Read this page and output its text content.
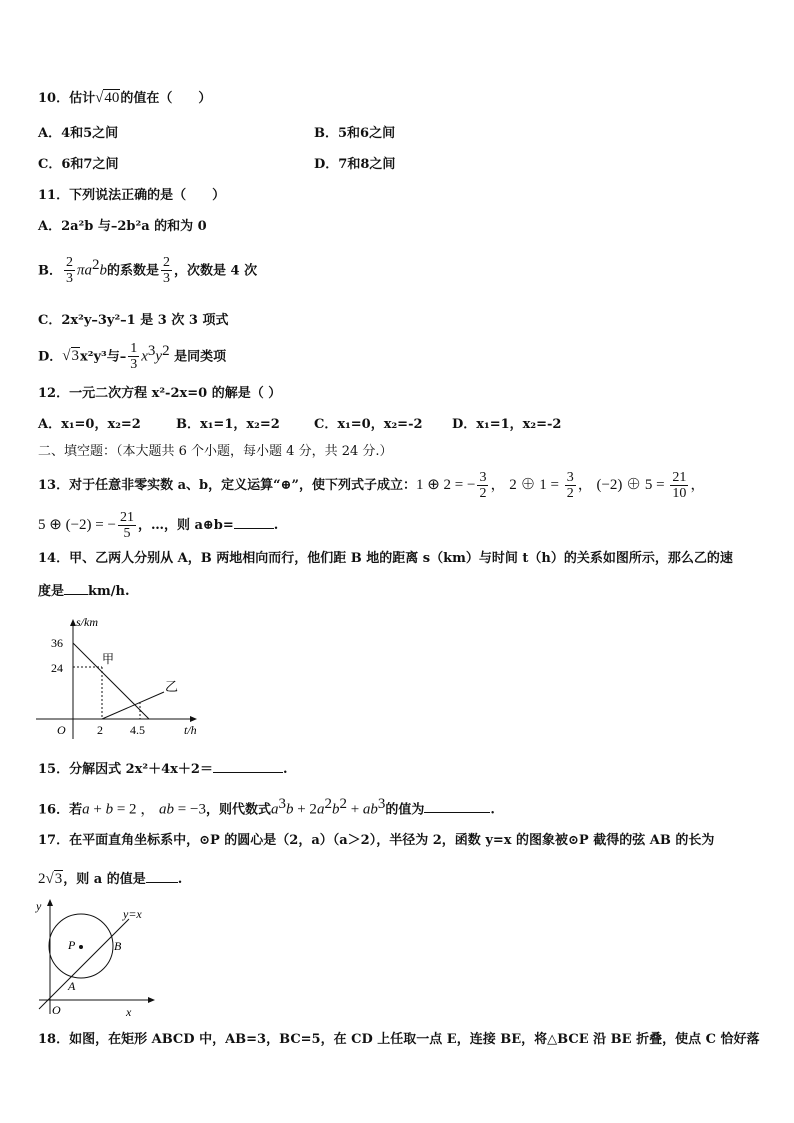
10．估计√40的值在（　　）
A．4和5之间	B．5和6之间
C．6和7之间	D．7和8之间
11．下列说法正确的是（　　）
A．2a²b 与–2b²a 的和为 0
B． $\frac{2}{3} \pi a^2b$的系数是 $\frac{2}{3}$ ，次数是 4 次
C．2x²y–3y²–1 是 3 次 3 项式
D．√3x²y³与– $\frac{1}{3} x^3y^2$ 是同类项
12．一元二次方程 x²-2x=0 的解是（ ）
A．x₁=0，x₂=2	B．x₁=1，x₂=2	C．x₁=0，x₂=-2 D．x₁=1，x₂=-2
二、填空题：（本大题共 6 个小题，每小题 4 分，共 24 分.）
13．对于任意非零实数 a、b，定义运算“⊕”，使下列式子成立：1 ⊕ 2 = − $\frac{3}{2}$ ， 2 ⊕ $1 = \frac{3}{2}$ ， (−2) ⊕ $5 = \frac{21}{10}$ ，
5 ⊕ (−2) = − $\frac{21}{5}$ ，…，则 a⊕b=	.
14．甲、乙两人分别从 A，B 两地相向而行，他们距 B 地的距离 s（km）与时间 t（h）的关系如图所示，那么乙的速
度是 km/h.
s/km
t/h
O
36
24
2 4.5
甲
乙
15．分解因式 2x²＋4x＋2＝	.
16．若a + b = 2 ， ab = −3，则代数式$a^3b + 2a^2b^2 + ab^3$的值为	.
17．在平面直角坐标系中，⊙P 的圆心是（2，a）（a＞2），半径为 2，函数 y=x 的图象被⊙P 截得的弦 AB 的长为
2√3，则 a 的值是 .
y
x
O
y=x
P
A
B
18．如图，在矩形 ABCD 中，AB=3，BC=5，在 CD 上任取一点 E，连接 BE，将△BCE 沿 BE 折叠，使点 C 恰好落
